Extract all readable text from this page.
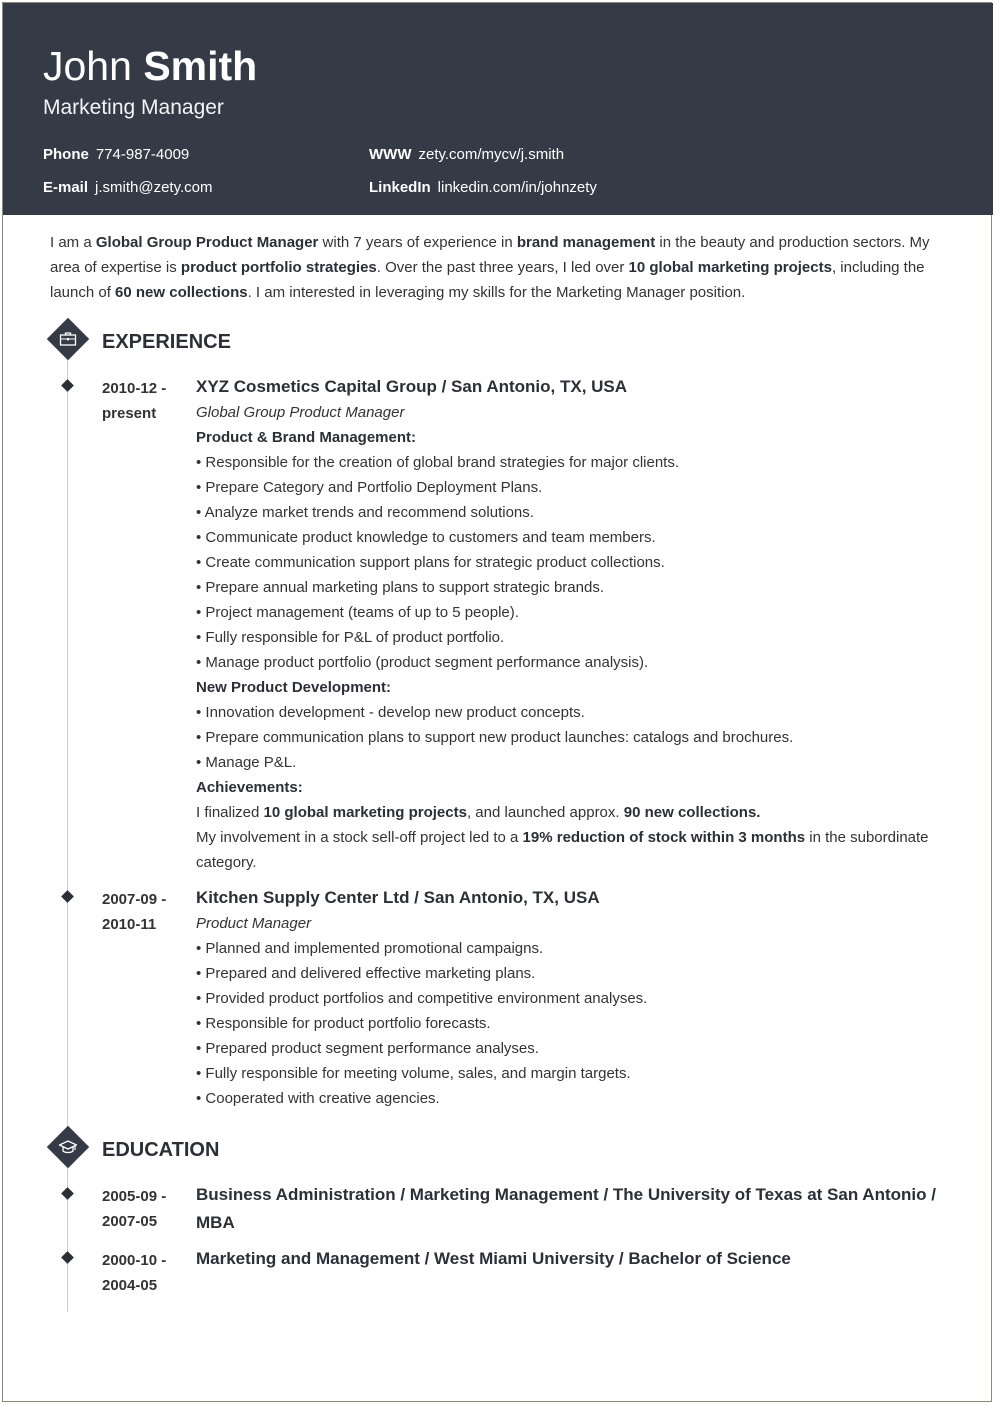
John Smith
Marketing Manager
Phone 774-987-4009	WWW zety.com/mycv/j.smith
E-mail j.smith@zety.com	LinkedIn linkedin.com/in/johnzety
I am a Global Group Product Manager with 7 years of experience in brand management in the beauty and production sectors. My area of expertise is product portfolio strategies. Over the past three years, I led over 10 global marketing projects, including the launch of 60 new collections. I am interested in leveraging my skills for the Marketing Manager position.
EXPERIENCE
2010-12 -
present
XYZ Cosmetics Capital Group / San Antonio, TX, USA
Global Group Product Manager
Product & Brand Management:
• Responsible for the creation of global brand strategies for major clients.
• Prepare Category and Portfolio Deployment Plans.
• Analyze market trends and recommend solutions.
• Communicate product knowledge to customers and team members.
• Create communication support plans for strategic product collections.
• Prepare annual marketing plans to support strategic brands.
• Project management (teams of up to 5 people).
• Fully responsible for P&L of product portfolio.
• Manage product portfolio (product segment performance analysis).
New Product Development:
• Innovation development - develop new product concepts.
• Prepare communication plans to support new product launches: catalogs and brochures.
• Manage P&L.
Achievements:
I finalized 10 global marketing projects, and launched approx. 90 new collections.
My involvement in a stock sell-off project led to a 19% reduction of stock within 3 months in the subordinate category.
2007-09 -
2010-11
Kitchen Supply Center Ltd / San Antonio, TX, USA
Product Manager
• Planned and implemented promotional campaigns.
• Prepared and delivered effective marketing plans.
• Provided product portfolios and competitive environment analyses.
• Responsible for product portfolio forecasts.
• Prepared product segment performance analyses.
• Fully responsible for meeting volume, sales, and margin targets.
• Cooperated with creative agencies.
EDUCATION
2005-09 -
2007-05
Business Administration / Marketing Management / The University of Texas at San Antonio / MBA
2000-10 -
2004-05
Marketing and Management / West Miami University / Bachelor of Science
